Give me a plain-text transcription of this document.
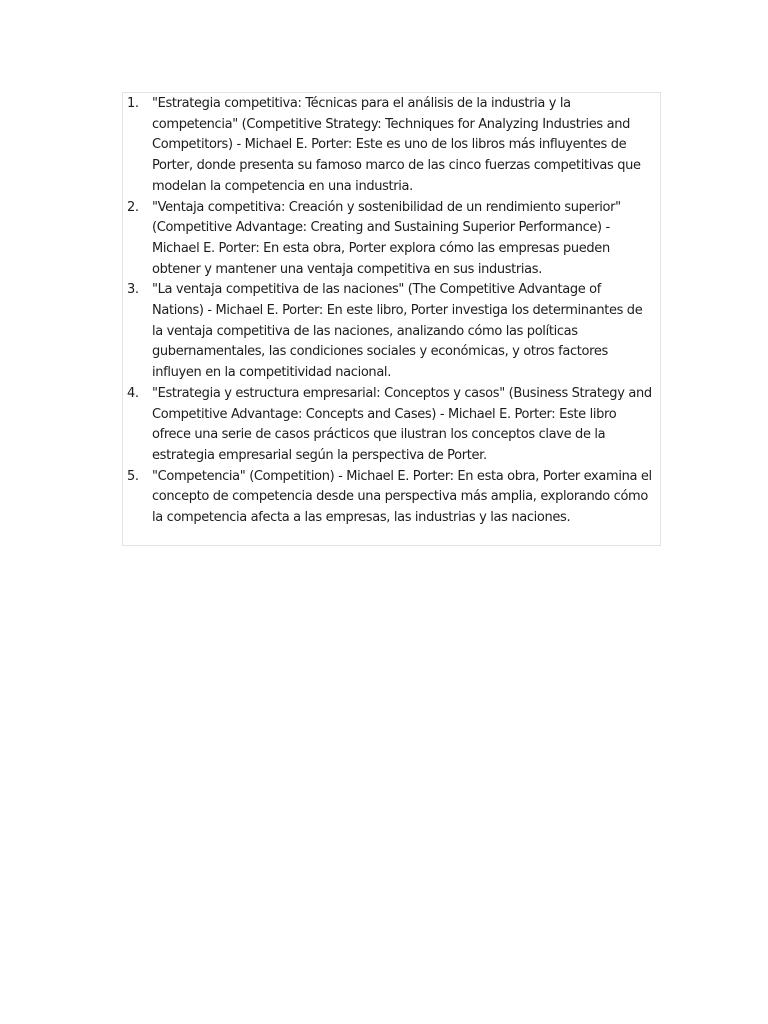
1.	"Estrategia competitiva: Técnicas para el análisis de la industria y la competencia" (Competitive Strategy: Techniques for Analyzing Industries and Competitors) - Michael E. Porter: Este es uno de los libros más influyentes de Porter, donde presenta su famoso marco de las cinco fuerzas competitivas que modelan la competencia en una industria.
2.	"Ventaja competitiva: Creación y sostenibilidad de un rendimiento superior" (Competitive Advantage: Creating and Sustaining Superior Performance) - Michael E. Porter: En esta obra, Porter explora cómo las empresas pueden obtener y mantener una ventaja competitiva en sus industrias.
3.	"La ventaja competitiva de las naciones" (The Competitive Advantage of Nations) - Michael E. Porter: En este libro, Porter investiga los determinantes de la ventaja competitiva de las naciones, analizando cómo las políticas gubernamentales, las condiciones sociales y económicas, y otros factores influyen en la competitividad nacional.
4.	"Estrategia y estructura empresarial: Conceptos y casos" (Business Strategy and Competitive Advantage: Concepts and Cases) - Michael E. Porter: Este libro ofrece una serie de casos prácticos que ilustran los conceptos clave de la estrategia empresarial según la perspectiva de Porter.
5.	"Competencia" (Competition) - Michael E. Porter: En esta obra, Porter examina el concepto de competencia desde una perspectiva más amplia, explorando cómo la competencia afecta a las empresas, las industrias y las naciones.
